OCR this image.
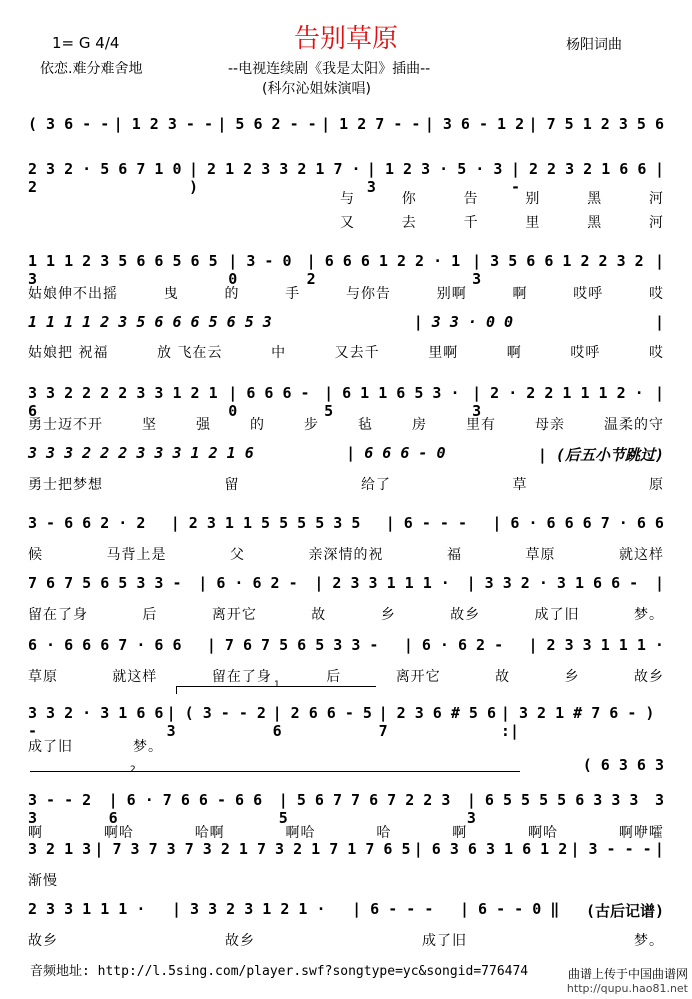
告别草原
1= G 4/4	杨阳词曲
依恋.难分难舍地	--电视连续剧《我是太阳》插曲--
(科尔沁姐妹演唱)
( 3 6 - - | 1 2 3 - - | 5 6 2 - - | 1 2 7 - - | 3 6 - 1 2 | 7 5 1 2 3 5 6
2 3 2 · 5 6 7 1 0 2
| 2 1 2 3 3 2 1 7 · )
| 1 2 3 · 5 · 3 3
| 2 2 3 2 1 6 6 -
|
与	你	告	别	黑	河
又	去	千	里	黑	河
1 1 1 2 3 5 6 6 5 6 5 3
| 3 - 0 0
| 6 6 6 1 2 2 · 1 2
| 3 5 6 6 1 2 2 3 2 3
|
姑娘伸不出摇	曳	的	手	与你告	别啊	啊	哎呼	哎
1 1 1 1 2 3 5 6 6 6 5 6 5 3	| 3 3 · 0 0	|
姑娘把 祝福	放 飞在云	中	又去千	里啊	啊	哎呼	哎
3 3 2 2 2 2 3 3 1 2 1 6
| 6 6 6 - 0
| 6 1 1 6 5 3 · 5
| 2 · 2 2 1 1 1 2 · 3
|
勇士迈不开	坚	强	的	步	毡	房	里有	母亲	温柔的守
3 3 3 2 2 2 3 3 3 1 2 1 6	| 6 6 6 - 0	| (后五小节跳过)
勇士把梦想	留	给了	草	原
3 - 6 6 2 · 2 | 2 3 1 1 5 5 5 5 3 5 | 6 - - - | 6 · 6 6 6 7 · 6 6
候	马背上是	父	亲深情的祝	福	草原	就这样
7 6 7 5 6 5 3 3 - | 6 · 6 2 - | 2 3 3 1 1 1 · | 3 3 2 · 3 1 6 6 - |
留在了身	后	离开它	故	乡	故乡	成了旧	梦。
6 · 6 6 6 7 · 6 6 | 7 6 7 5 6 5 3 3 - | 6 · 6 2 - | 2 3 3 1 1 1 ·
草原	就这样	留在了身	后	离开它	故	乡	故乡
3 3 2 · 3 1 6 6 -
| ( 3 - - 2 3
| 2 6 6 - 5 6
| 2 3 6 # 5 6 7
| 3 2 1 # 7 6 - ) :|
成了旧	梦。
( 6 3 6 3
3 - - 2 3
| 6 · 7 6 6 - 6 6 6
| 5 6 7 7 6 7 2 2 3 5
| 6 5 5 5 5 6 3 3 3 3
3
啊	啊哈	哈啊	啊哈	哈	啊	啊哈	啊咿嚯
3 2 1 3 | 7 3 7 3 7 3 2 1 7 3 2 1 7 1 7 6 5 | 6 3 6 3 1 6 1 2 | 3 - - - |
渐慢
2 3 3 1 1 1 · | 3 3 2 3 1 2 1 · | 6 - - - | 6 - - 0 ‖ (古后记谱)
故乡	故乡	成了旧	梦。
1
2
音频地址: http://l.5sing.com/player.swf?songtype=yc&songid=776474	曲谱上传于中国曲谱网
http://qupu.hao81.net
